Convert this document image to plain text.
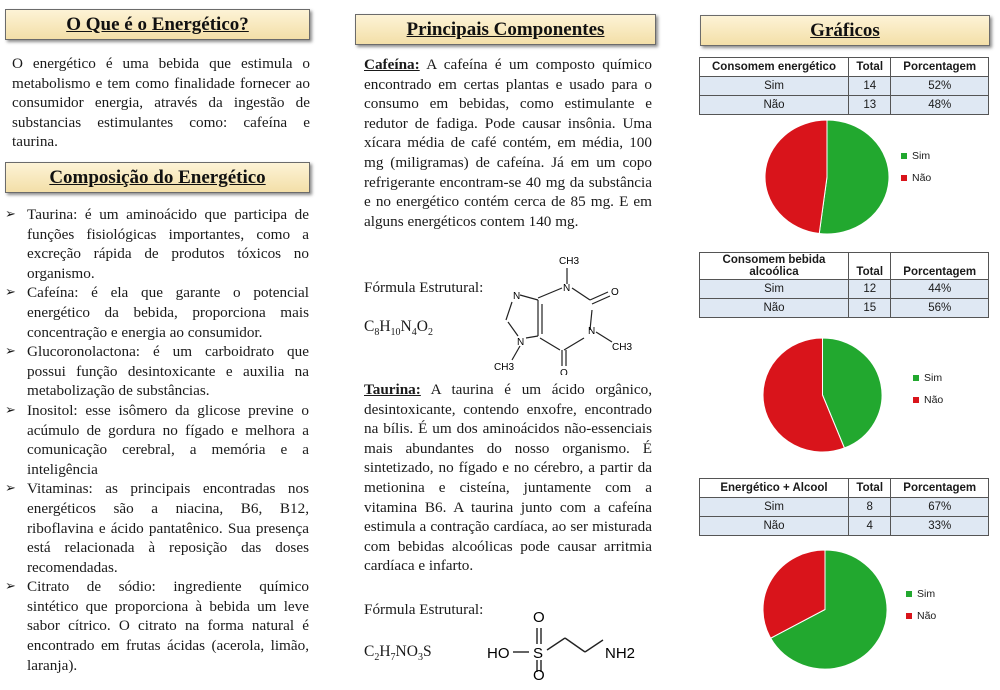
O Que é o Energético?
O energético é uma bebida que estimula o metabolismo e tem como finalidade fornecer ao consumidor energia, através da ingestão de substancias estimulantes como: cafeína e taurina.
Composição do Energético
➢ Taurina: é um aminoácido que participa de funções fisiológicas importantes, como a excreção rápida de produtos tóxicos no organismo.
➢ Cafeína: é ela que garante o potencial energético da bebida, proporciona mais concentração e energia ao consumidor.
➢ Glucoronolactona: é um carboidrato que possui função desintoxicante e auxilia na metabolização de substâncias.
➢ Inositol: esse isômero da glicose previne o acúmulo de gordura no fígado e melhora a comunicação cerebral, a memória e a inteligência
➢ Vitaminas: as principais encontradas nos energéticos são a niacina, B6, B12, riboflavina e ácido pantatênico. Sua presença está relacionada à reposição das doses recomendadas.
➢ Citrato de sódio: ingrediente químico sintético que proporciona à bebida um leve sabor cítrico. O citrato na forma natural é encontrado em frutas ácidas (acerola, limão, laranja).
Principais Componentes
Cafeína: A cafeína é um composto químico encontrado em certas plantas e usado para o consumo em bebidas, como estimulante e redutor de fadiga. Pode causar insônia. Uma xícara média de café contém, em média, 100 mg (miligramas) de cafeína. Já em um copo refrigerante encontram-se 40 mg da substância e no energético contém cerca de 85 mg. E em alguns energéticos contem 140 mg.
Fórmula Estrutural:
$C_8H_{10}N_4O_2$
N
N
N
N
O
O
CH3
CH3
CH3
Taurina: A taurina é um ácido orgânico, desintoxicante, contendo enxofre, encontrado na bílis. É um dos aminoácidos não-essenciais mais abundantes do nosso organismo. É sintetizado, no fígado e no cérebro, a partir da metionina e cisteína, juntamente com a vitamina B6. A taurina junto com a cafeína estimula a contração cardíaca, ao ser misturada com bebidas alcoólicas pode causar arritmia cardíaca e infarto.
Fórmula Estrutural:
$C_2H_7NO_3S$	HO S
O
O
NH2
Gráficos
Consomem energético	Total	Porcentagem
Sim	14	52%
Não	13	48%
Sim
Não
Consomem bebida alcoólica	Total	Porcentagem
Sim	12	44%
Não	15	56%
Sim
Não
Energético + Alcool	Total	Porcentagem
Sim	8	67%
Não	4	33%
Sim
Não
